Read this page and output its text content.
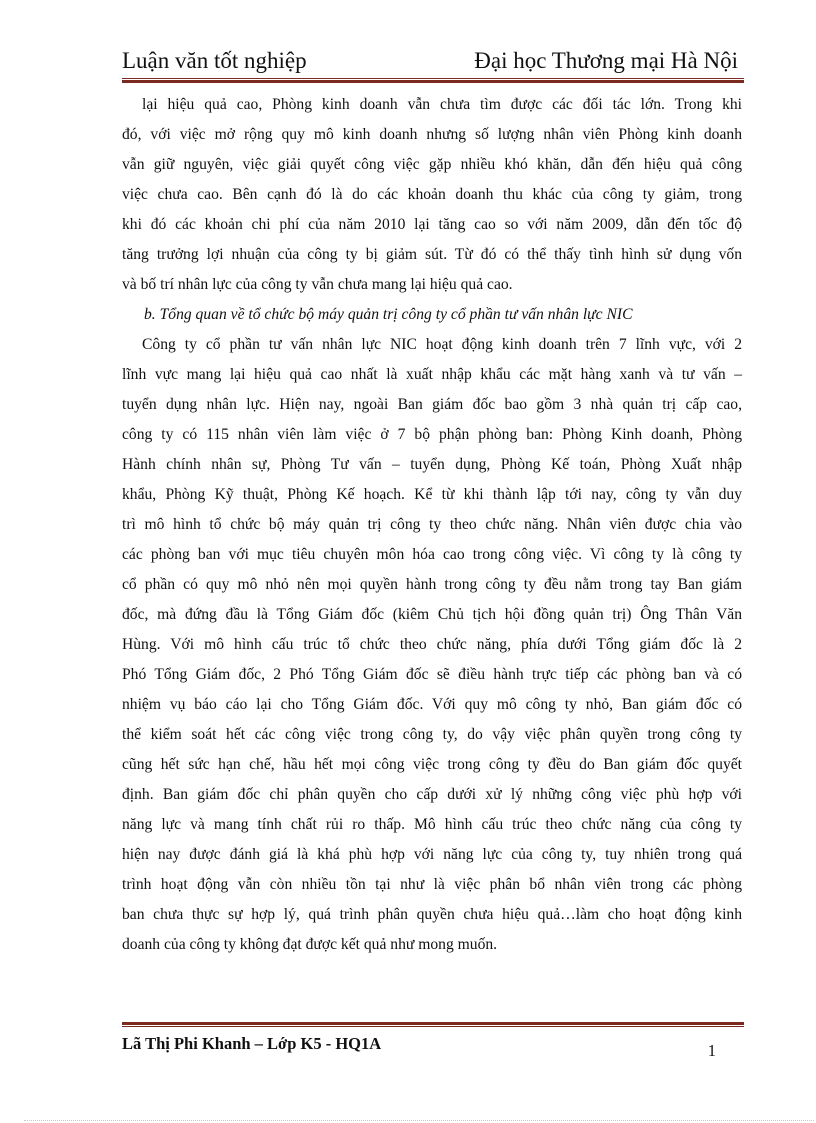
Luận văn tốt nghiệp	Đại học Thương mại Hà Nội
lại hiệu quả cao, Phòng kinh doanh vẫn chưa tìm được các đối tác lớn. Trong khi
đó, với việc mở rộng quy mô kinh doanh nhưng số lượng nhân viên Phòng kinh doanh
vẫn giữ nguyên, việc giải quyết công việc gặp nhiều khó khăn, dẫn đến hiệu quả công
việc chưa cao. Bên cạnh đó là do các khoản doanh thu khác của công ty giảm, trong
khi đó các khoản chi phí của năm 2010 lại tăng cao so với năm 2009, dẫn đến tốc độ
tăng trưởng lợi nhuận của công ty bị giảm sút. Từ đó có thể thấy tình hình sử dụng vốn
và bố trí nhân lực của công ty vẫn chưa mang lại hiệu quả cao.
b. Tổng quan về tổ chức bộ máy quản trị công ty cổ phần tư vấn nhân lực NIC
Công ty cổ phần tư vấn nhân lực NIC hoạt động kinh doanh trên 7 lĩnh vực, với 2
lĩnh vực mang lại hiệu quả cao nhất là xuất nhập khẩu các mặt hàng xanh và tư vấn –
tuyển dụng nhân lực. Hiện nay, ngoài Ban giám đốc bao gồm 3 nhà quản trị cấp cao,
công ty có 115 nhân viên làm việc ở 7 bộ phận phòng ban: Phòng Kinh doanh, Phòng
Hành chính nhân sự, Phòng Tư vấn – tuyển dụng, Phòng Kế toán, Phòng Xuất nhập
khẩu, Phòng Kỹ thuật, Phòng Kế hoạch. Kể từ khi thành lập tới nay, công ty vẫn duy
trì mô hình tổ chức bộ máy quản trị công ty theo chức năng. Nhân viên được chia vào
các phòng ban với mục tiêu chuyên môn hóa cao trong công việc. Vì công ty là công ty
cổ phần có quy mô nhỏ nên mọi quyền hành trong công ty đều nằm trong tay Ban giám
đốc, mà đứng đầu là Tổng Giám đốc (kiêm Chủ tịch hội đồng quản trị) Ông Thân Văn
Hùng. Với mô hình cấu trúc tổ chức theo chức năng, phía dưới Tổng giám đốc là 2
Phó Tổng Giám đốc, 2 Phó Tổng Giám đốc sẽ điều hành trực tiếp các phòng ban và có
nhiệm vụ báo cáo lại cho Tổng Giám đốc. Với quy mô công ty nhỏ, Ban giám đốc có
thể kiểm soát hết các công việc trong công ty, do vậy việc phân quyền trong công ty
cũng hết sức hạn chế, hầu hết mọi công việc trong công ty đều do Ban giám đốc quyết
định. Ban giám đốc chỉ phân quyền cho cấp dưới xử lý những công việc phù hợp với
năng lực và mang tính chất rủi ro thấp. Mô hình cấu trúc theo chức năng của công ty
hiện nay được đánh giá là khá phù hợp với năng lực của công ty, tuy nhiên trong quá
trình hoạt động vẫn còn nhiều tồn tại như là việc phân bổ nhân viên trong các phòng
ban chưa thực sự hợp lý, quá trình phân quyền chưa hiệu quả…làm cho hoạt động kinh
doanh của công ty không đạt được kết quả như mong muốn.
Lã Thị Phi Khanh – Lớp K5 - HQ1A	1
